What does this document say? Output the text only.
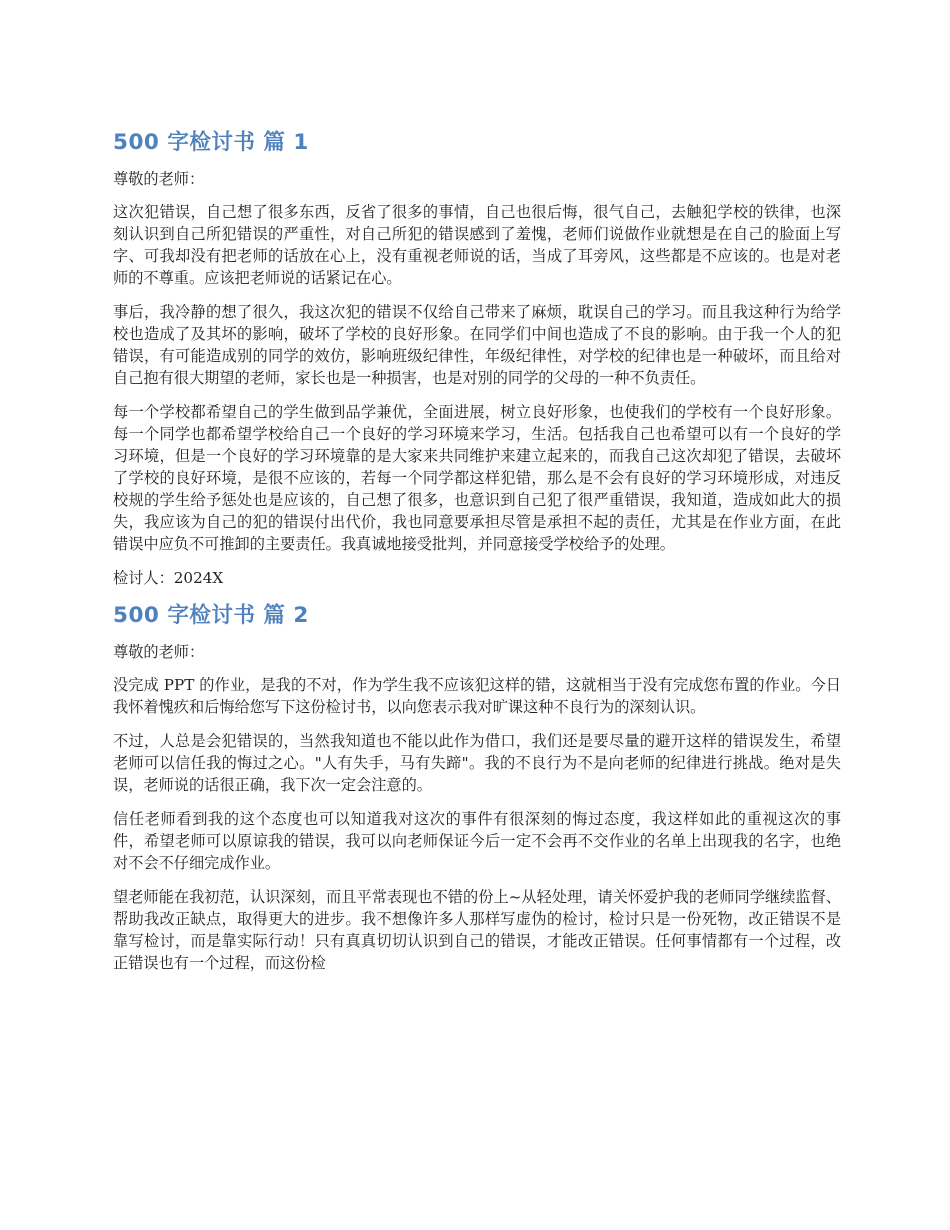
500 字检讨书 篇 1

尊敬的老师：

这次犯错误，自己想了很多东西，反省了很多的事情，自己也很后悔，很气自己，去触犯学校的铁律，也深刻认识到自己所犯错误的严重性，对自己所犯的错误感到了羞愧，老师们说做作业就想是在自己的脸面上写字、可我却没有把老师的话放在心上，没有重视老师说的话，当成了耳旁风，这些都是不应该的。也是对老师的不尊重。应该把老师说的话紧记在心。

事后，我冷静的想了很久，我这次犯的错误不仅给自己带来了麻烦，耽误自己的学习。而且我这种行为给学校也造成了及其坏的影响，破坏了学校的良好形象。在同学们中间也造成了不良的影响。由于我一个人的犯错误，有可能造成别的同学的效仿，影响班级纪律性，年级纪律性，对学校的纪律也是一种破坏，而且给对自己抱有很大期望的老师，家长也是一种损害，也是对别的同学的父母的一种不负责任。

每一个学校都希望自己的学生做到品学兼优，全面进展，树立良好形象，也使我们的学校有一个良好形象。每一个同学也都希望学校给自己一个良好的学习环境来学习，生活。包括我自己也希望可以有一个良好的学习环境，但是一个良好的学习环境靠的是大家来共同维护来建立起来的，而我自己这次却犯了错误，去破坏了学校的良好环境，是很不应该的，若每一个同学都这样犯错，那么是不会有良好的学习环境形成，对违反校规的学生给予惩处也是应该的，自己想了很多，也意识到自己犯了很严重错误，我知道，造成如此大的损失，我应该为自己的犯的错误付出代价，我也同意要承担尽管是承担不起的责任，尤其是在作业方面，在此错误中应负不可推卸的主要责任。我真诚地接受批判，并同意接受学校给予的处理。

检讨人：2024X

500 字检讨书 篇 2

尊敬的老师：

没完成 PPT 的作业，是我的不对，作为学生我不应该犯这样的错，这就相当于没有完成您布置的作业。今日我怀着愧疚和后悔给您写下这份检讨书，以向您表示我对旷课这种不良行为的深刻认识。

不过，人总是会犯错误的，当然我知道也不能以此作为借口，我们还是要尽量的避开这样的错误发生，希望老师可以信任我的悔过之心。"人有失手，马有失蹄"。我的不良行为不是向老师的纪律进行挑战。绝对是失误，老师说的话很正确，我下次一定会注意的。

信任老师看到我的这个态度也可以知道我对这次的事件有很深刻的悔过态度，我这样如此的重视这次的事件，希望老师可以原谅我的错误，我可以向老师保证今后一定不会再不交作业的名单上出现我的名字，也绝对不会不仔细完成作业。

望老师能在我初范，认识深刻，而且平常表现也不错的份上~从轻处理，请关怀爱护我的老师同学继续监督、帮助我改正缺点，取得更大的进步。我不想像许多人那样写虚伪的检讨，检讨只是一份死物，改正错误不是靠写检讨，而是靠实际行动！只有真真切切认识到自己的错误，才能改正错误。任何事情都有一个过程，改正错误也有一个过程，而这份检
